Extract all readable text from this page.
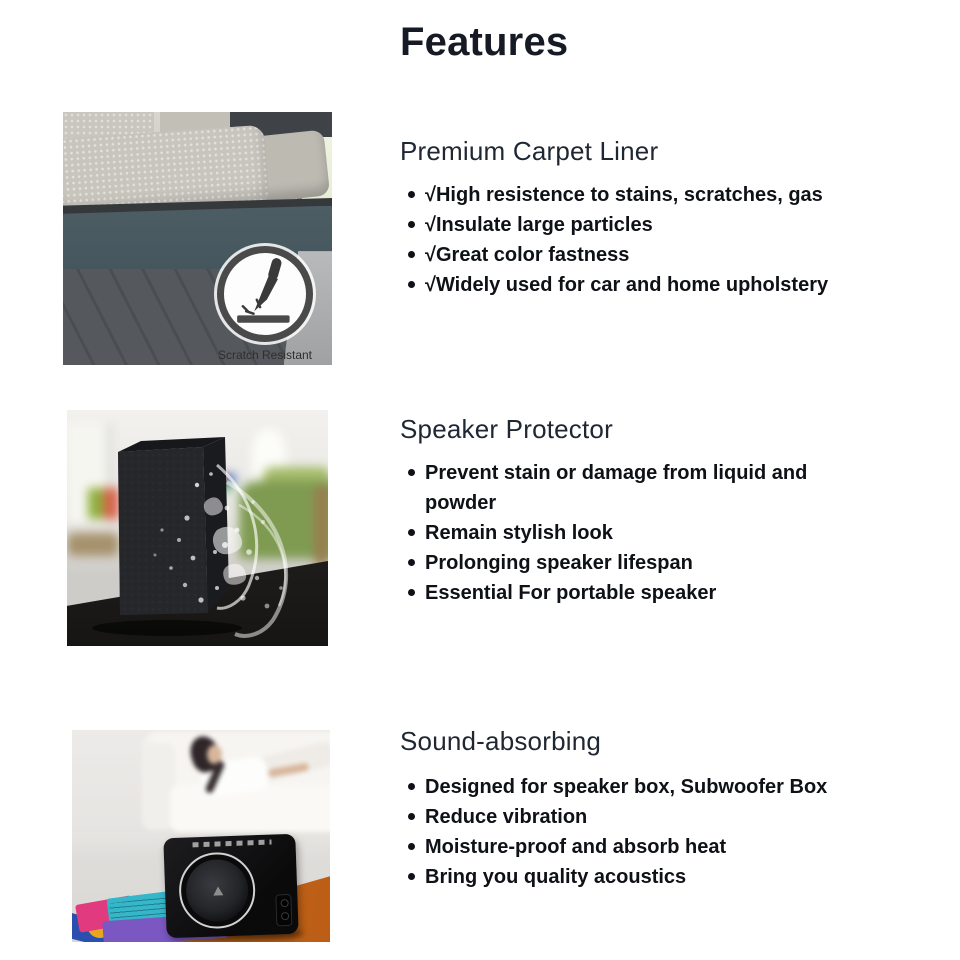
Features
Scratch Resistant
Premium Carpet Liner
√High resistence to stains, scratches, gas
√Insulate large particles
√Great color fastness
√Widely used for car and home upholstery
Speaker Protector
Prevent stain or damage from liquid and powder
Remain stylish look
Prolonging speaker lifespan
Essential For portable speaker
Sound-absorbing
Designed for speaker box, Subwoofer Box
Reduce vibration
Moisture-proof and absorb heat
Bring you quality acoustics
